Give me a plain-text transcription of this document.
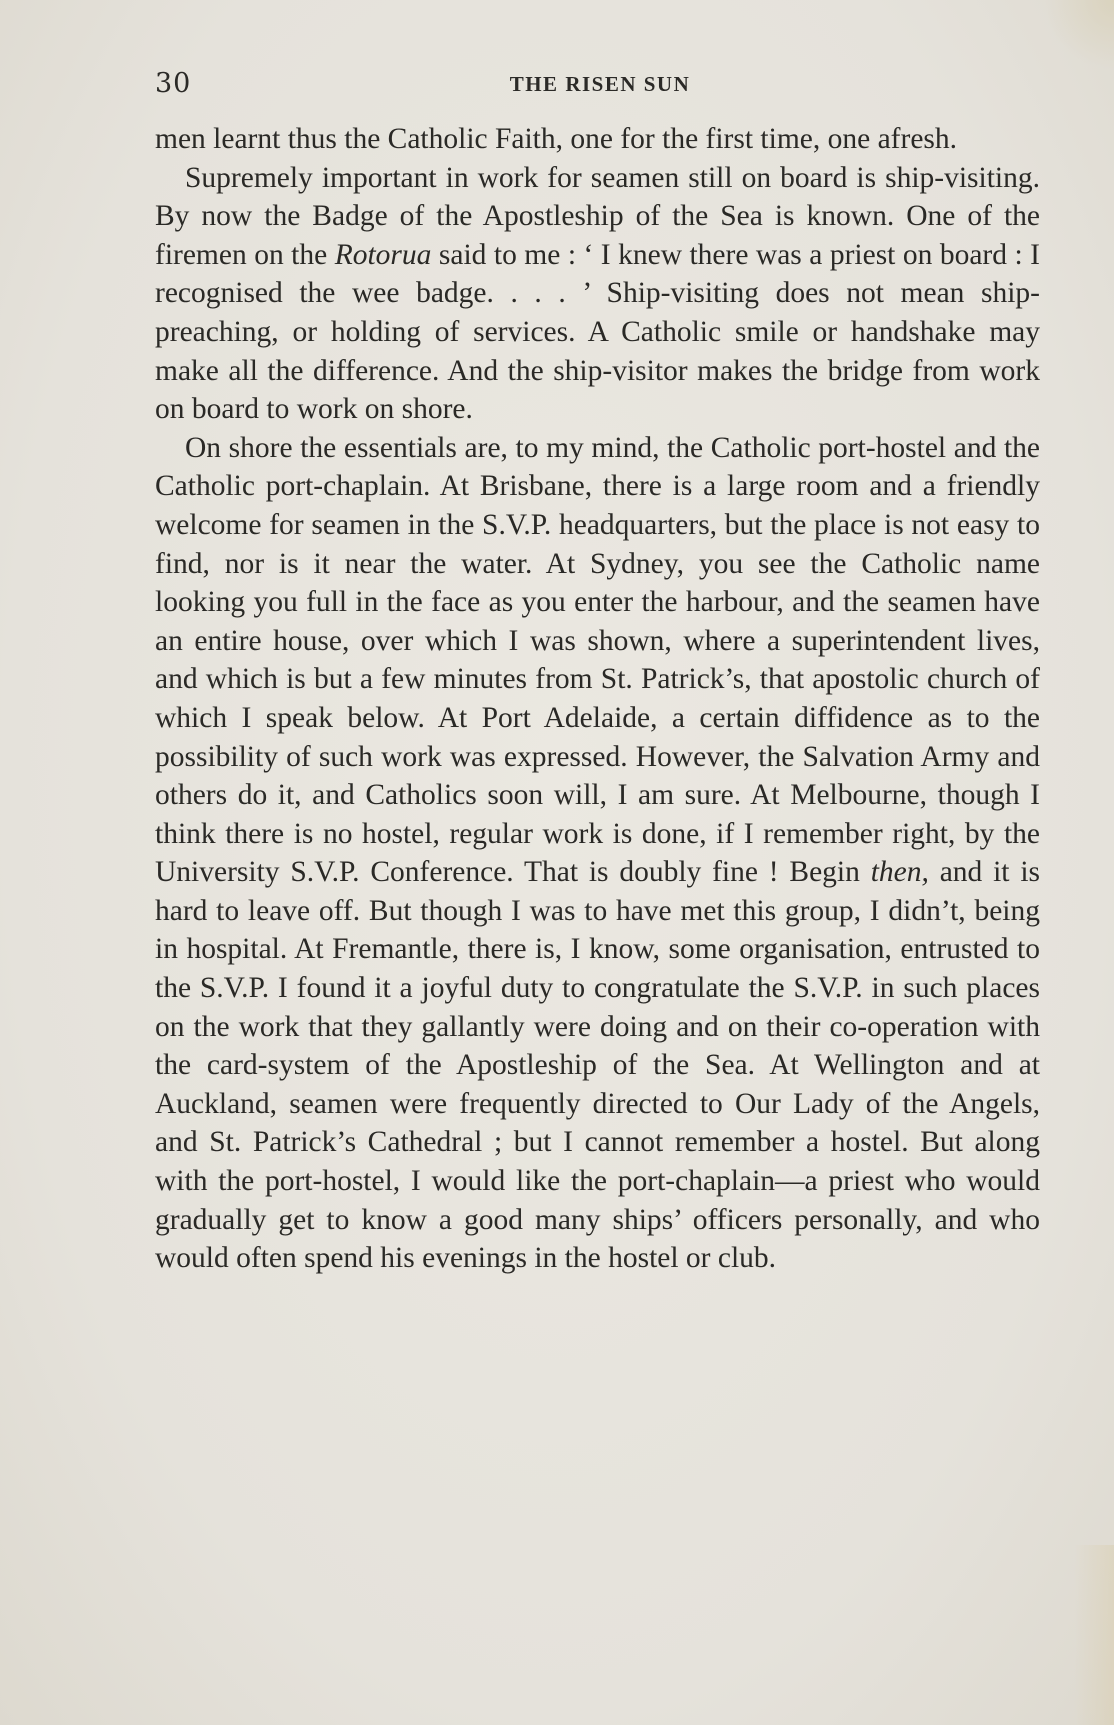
30	THE RISEN SUN

men learnt thus the Catholic Faith, one for the first time, one afresh.

Supremely important in work for seamen still on board is ship-visiting. By now the Badge of the Apostleship of the Sea is known. One of the firemen on the Rotorua said to me : ‘ I knew there was a priest on board : I recognised the wee badge. . . . ’ Ship-visiting does not mean ship-preaching, or holding of services. A Catholic smile or handshake may make all the difference. And the ship-visitor makes the bridge from work on board to work on shore.

On shore the essentials are, to my mind, the Catholic port-hostel and the Catholic port-chaplain. At Brisbane, there is a large room and a friendly welcome for seamen in the S.V.P. headquarters, but the place is not easy to find, nor is it near the water. At Sydney, you see the Catholic name looking you full in the face as you enter the harbour, and the seamen have an entire house, over which I was shown, where a superintendent lives, and which is but a few minutes from St. Patrick’s, that apostolic church of which I speak below. At Port Adelaide, a certain diffidence as to the possibility of such work was expressed. However, the Salvation Army and others do it, and Catholics soon will, I am sure. At Melbourne, though I think there is no hostel, regular work is done, if I remember right, by the University S.V.P. Conference. That is doubly fine ! Begin then, and it is hard to leave off. But though I was to have met this group, I didn’t, being in hospital. At Fremantle, there is, I know, some organisation, entrusted to the S.V.P. I found it a joyful duty to congratulate the S.V.P. in such places on the work that they gallantly were doing and on their co-operation with the card-system of the Apostleship of the Sea. At Wellington and at Auckland, seamen were frequently directed to Our Lady of the Angels, and St. Patrick’s Cathedral ; but I cannot remember a hostel. But along with the port-hostel, I would like the port-chaplain—a priest who would gradually get to know a good many ships’ officers personally, and who would often spend his evenings in the hostel or club.
